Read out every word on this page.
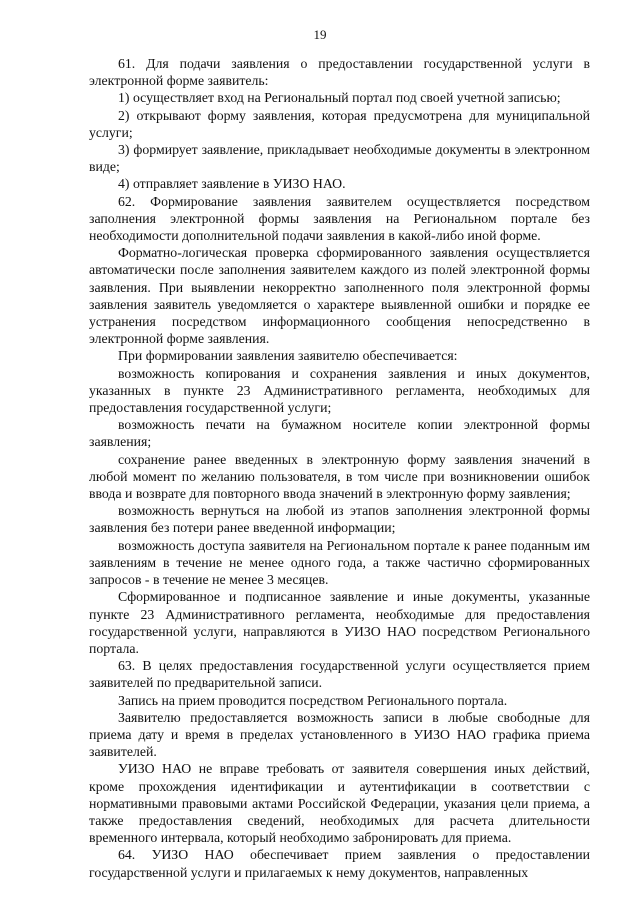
19

61. Для подачи заявления о предоставлении государственной услуги в электронной форме заявитель:

1) осуществляет вход на Региональный портал под своей учетной записью;

2) открывают форму заявления, которая предусмотрена для муниципальной услуги;

3) формирует заявление, прикладывает необходимые документы в электронном виде;

4) отправляет заявление в УИЗО НАО.

62. Формирование заявления заявителем осуществляется посредством заполнения электронной формы заявления на Региональном портале без необходимости дополнительной подачи заявления в какой-либо иной форме.

Форматно-логическая проверка сформированного заявления осуществляется автоматически после заполнения заявителем каждого из полей электронной формы заявления. При выявлении некорректно заполненного поля электронной формы заявления заявитель уведомляется о характере выявленной ошибки и порядке ее устранения посредством информационного сообщения непосредственно в электронной форме заявления.

При формировании заявления заявителю обеспечивается:

возможность копирования и сохранения заявления и иных документов, указанных в пункте 23 Административного регламента, необходимых для предоставления государственной услуги;

возможность печати на бумажном носителе копии электронной формы заявления;

сохранение ранее введенных в электронную форму заявления значений в любой момент по желанию пользователя, в том числе при возникновении ошибок ввода и возврате для повторного ввода значений в электронную форму заявления;

возможность вернуться на любой из этапов заполнения электронной формы заявления без потери ранее введенной информации;

возможность доступа заявителя на Региональном портале к ранее поданным им заявлениям в течение не менее одного года, а также частично сформированных запросов - в течение не менее 3 месяцев.

Сформированное и подписанное заявление и иные документы, указанные пункте 23 Административного регламента, необходимые для предоставления государственной услуги, направляются в УИЗО НАО посредством Регионального портала.

63. В целях предоставления государственной услуги осуществляется прием заявителей по предварительной записи.

Запись на прием проводится посредством Регионального портала.

Заявителю предоставляется возможность записи в любые свободные для приема дату и время в пределах установленного в УИЗО НАО графика приема заявителей.

УИЗО НАО не вправе требовать от заявителя совершения иных действий, кроме прохождения идентификации и аутентификации в соответствии с нормативными правовыми актами Российской Федерации, указания цели приема, а также предоставления сведений, необходимых для расчета длительности временного интервала, который необходимо забронировать для приема.

64. УИЗО НАО обеспечивает прием заявления о предоставлении государственной услуги и прилагаемых к нему документов, направленных
